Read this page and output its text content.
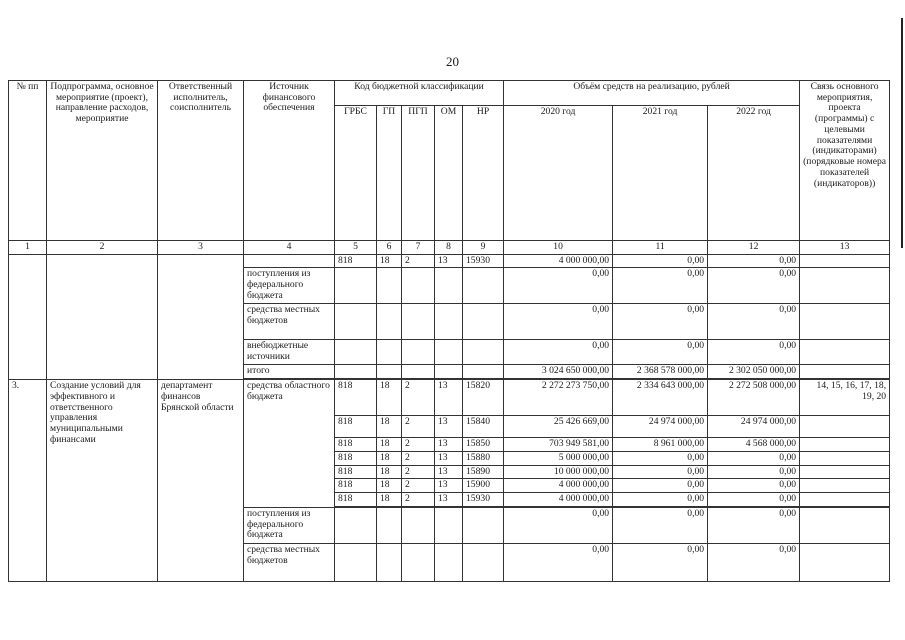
20
№ пп	Подпрограмма, основное мероприятие (проект), направление расходов, мероприятие	Ответственный исполнитель, соисполнитель	Источник финансового обеспечения	Код бюджетной классификации					Объём средств на реализацию, рублей			Связь основного мероприятия, проекта (программы) с целевыми показателями (индикаторами) (порядковые номера показателей (индикаторов))
				ГРБС	ГП	ПГП	ОМ	НР	2020 год	2021 год	2022 год	
1	2	3	4	5	6	7	8	9	10	11	12	13
				818	18	2	13	15930	4 000 000,00	0,00	0,00	
			поступления из федерального бюджета						0,00	0,00	0,00	
			средства местных бюджетов						0,00	0,00	0,00	
			внебюджетные источники						0,00	0,00	0,00	
			итого						3 024 650 000,00	2 368 578 000,00	2 302 050 000,00	

3.	Создание условий для эффективного и ответственного управления муниципальными финансами	департамент финансов Брянской области	средства областного бюджета	818	18	2	13	15820	2 272 273 750,00	2 334 643 000,00	2 272 508 000,00	14, 15, 16, 17, 18, 19, 20
				818	18	2	13	15840	25 426 669,00	24 974 000,00	24 974 000,00	
				818	18	2	13	15850	703 949 581,00	8 961 000,00	4 568 000,00	
				818	18	2	13	15880	5 000 000,00	0,00	0,00	
				818	18	2	13	15890	10 000 000,00	0,00	0,00	
				818	18	2	13	15900	4 000 000,00	0,00	0,00	
				818	18	2	13	15930	4 000 000,00	0,00	0,00	

			поступления из федерального бюджета						0,00	0,00	0,00	
			средства местных бюджетов						0,00	0,00	0,00	
